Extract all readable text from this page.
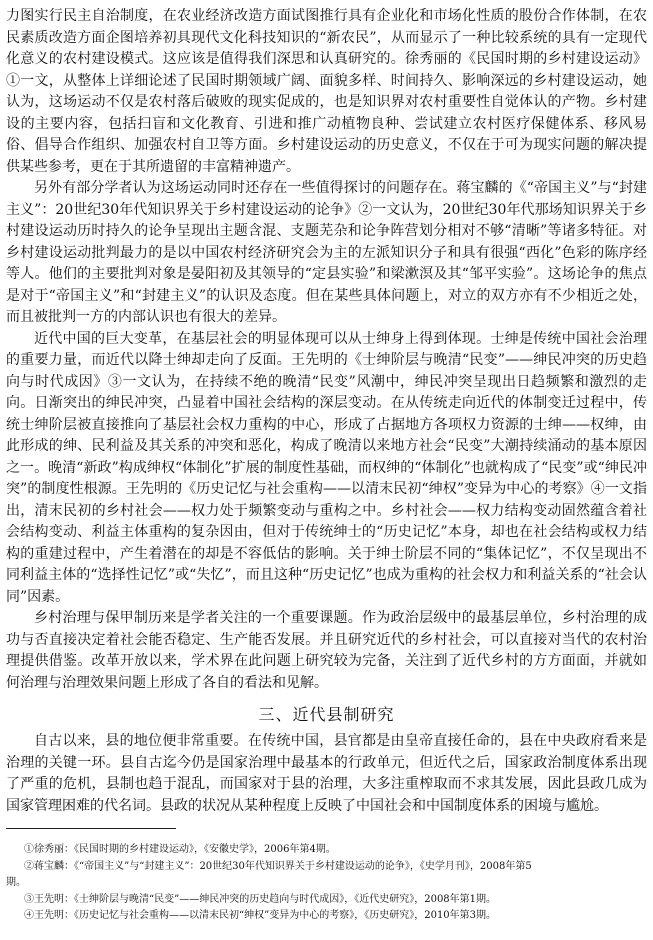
力图实行民主自治制度，在农业经济改造方面试图推行具有企业化和市场化性质的股份合作体制，在农民素质改造方面企图培养初具现代文化科技知识的“新农民”，从而显示了一种比较系统的具有一定现代化意义的农村建设模式。这应该是值得我们深思和认真研究的。徐秀丽的《民国时期的乡村建设运动》①一文，从整体上详细论述了民国时期领域广阔、面貌多样、时间持久、影响深远的乡村建设运动，她认为，这场运动不仅是农村落后破败的现实促成的，也是知识界对农村重要性自觉体认的产物。乡村建设的主要内容，包括扫盲和文化教育、引进和推广动植物良种、尝试建立农村医疗保健体系、移风易俗、倡导合作组织、加强农村自卫等方面。乡村建设运动的历史意义，不仅在于可为现实问题的解决提供某些参考，更在于其所遗留的丰富精神遗产。

另外有部分学者认为这场运动同时还存在一些值得探讨的问题存在。蒋宝麟的《“帝国主义”与“封建主义”：20世纪30年代知识界关于乡村建设运动的论争》②一文认为，20世纪30年代那场知识界关于乡村建设运动历时持久的论争呈现出主题含混、支题芜杂和论争阵营划分相对不够“清晰”等诸多特征。对乡村建设运动批判最力的是以中国农村经济研究会为主的左派知识分子和具有很强“西化”色彩的陈序经等人。他们的主要批判对象是晏阳初及其领导的“定县实验”和梁漱溟及其“邹平实验”。这场论争的焦点是对于“帝国主义”和“封建主义”的认识及态度。但在某些具体问题上，对立的双方亦有不少相近之处，而且被批判一方的内部认识也有很大的差异。

近代中国的巨大变革，在基层社会的明显体现可以从士绅身上得到体现。士绅是传统中国社会治理的重要力量，而近代以降士绅却走向了反面。王先明的《士绅阶层与晚清“民变”——绅民冲突的历史趋向与时代成因》③一文认为，在持续不绝的晚清“民变”风潮中，绅民冲突呈现出日趋频繁和激烈的走向。日渐突出的绅民冲突，凸显着中国社会结构的深层变动。在从传统走向近代的体制变迁过程中，传统士绅阶层被直接推向了基层社会权力重构的中心，形成了占据地方各项权力资源的士绅——权绅，由此形成的绅、民利益及其关系的冲突和恶化，构成了晚清以来地方社会“民变”大潮持续涌动的基本原因之一。晚清“新政”构成绅权“体制化”扩展的制度性基础，而权绅的“体制化”也就构成了“民变”或“绅民冲突”的制度性根源。王先明的《历史记忆与社会重构——以清末民初“绅权”变异为中心的考察》④一文指出，清末民初的乡村社会——权力处于频繁变动与重构之中。乡村社会——权力结构变动固然蕴含着社会结构变动、利益主体重构的复杂因由，但对于传统绅士的“历史记忆”本身，却也在社会结构或权力结构的重建过程中，产生着潜在的却是不容低估的影响。关于绅士阶层不同的“集体记忆”，不仅呈现出不同利益主体的“选择性记忆”或“失忆”，而且这种“历史记忆”也成为重构的社会权力和利益关系的“社会认同”因素。

乡村治理与保甲制历来是学者关注的一个重要课题。作为政治层级中的最基层单位，乡村治理的成功与否直接决定着社会能否稳定、生产能否发展。并且研究近代的乡村社会，可以直接对当代的农村治理提供借鉴。改革开放以来，学术界在此问题上研究较为完备，关注到了近代乡村的方方面面，并就如何治理与治理效果问题上形成了各自的看法和见解。

三、近代县制研究

自古以来，县的地位便非常重要。在传统中国，县官都是由皇帝直接任命的，县在中央政府看来是治理的关键一环。县自古迄今仍是国家治理中最基本的行政单元，但近代之后，国家政治制度体系出现了严重的危机，县制也趋于混乱，而国家对于县的治理，大多注重榨取而不求其发展，因此县政几成为国家管理困难的代名词。县政的状况从某种程度上反映了中国社会和中国制度体系的困境与尴尬。

①徐秀丽：《民国时期的乡村建设运动》，《安徽史学》，2006年第4期。

②蒋宝麟：《“帝国主义”与“封建主义”：20世纪30年代知识界关于乡村建设运动的论争》，《史学月刊》，2008年第5

期。

③王先明：《士绅阶层与晚清“民变”——绅民冲突的历史趋向与时代成因》，《近代史研究》，2008年第1期。

④王先明：《历史记忆与社会重构——以清末民初“绅权”变异为中心的考察》，《历史研究》，2010年第3期。
